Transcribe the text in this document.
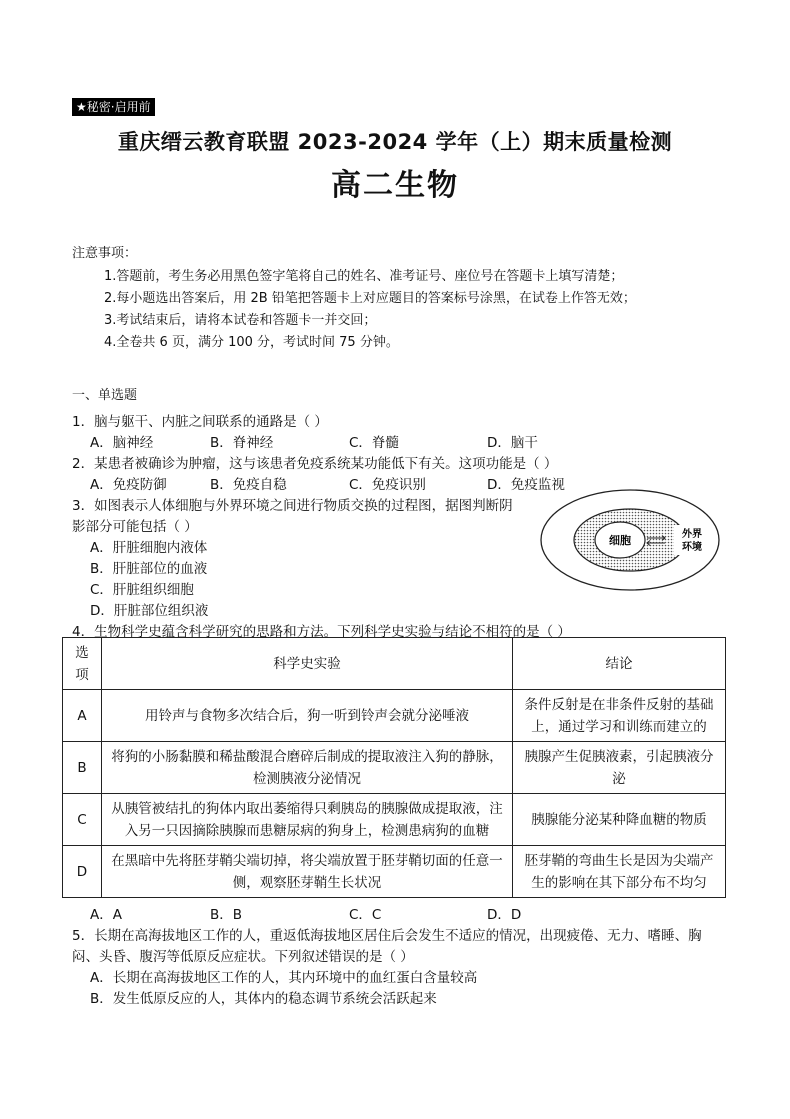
★秘密·启用前
重庆缙云教育联盟 2023-2024 学年（上）期末质量检测
高二生物
注意事项：
1.答题前，考生务必用黑色签字笔将自己的姓名、准考证号、座位号在答题卡上填写清楚；
2.每小题选出答案后，用 2B 铅笔把答题卡上对应题目的答案标号涂黑，在试卷上作答无效；
3.考试结束后，请将本试卷和答题卡一并交回；
4.全卷共 6 页，满分 100 分，考试时间 75 分钟。
一、单选题
1．脑与躯干、内脏之间联系的通路是（ ）
A．脑神经	B．脊神经	C．脊髓	D．脑干
2．某患者被确诊为肿瘤，这与该患者免疫系统某功能低下有关。这项功能是（ ）
A．免疫防御	B．免疫自稳	C．免疫识别	D．免疫监视
3．如图表示人体细胞与外界环境之间进行物质交换的过程图，据图判断阴
影部分可能包括（ ）
A．肝脏细胞内液体
B．肝脏部位的血液
C．肝脏组织细胞
D．肝脏部位组织液
细胞	外界
环境
4．生物科学史蕴含科学研究的思路和方法。下列科学史实验与结论不相符的是（ ）
选项	科学史实验	结论
A	用铃声与食物多次结合后，狗一听到铃声会就分泌唾液	条件反射是在非条件反射的基础上，通过学习和训练而建立的
B	将狗的小肠黏膜和稀盐酸混合磨碎后制成的提取液注入狗的静脉，检测胰液分泌情况	胰腺产生促胰液素，引起胰液分泌
C	从胰管被结扎的狗体内取出萎缩得只剩胰岛的胰腺做成提取液，注入另一只因摘除胰腺而患糖尿病的狗身上，检测患病狗的血糖	胰腺能分泌某种降血糖的物质
D	在黑暗中先将胚芽鞘尖端切掉，将尖端放置于胚芽鞘切面的任意一侧，观察胚芽鞘生长状况	胚芽鞘的弯曲生长是因为尖端产生的影响在其下部分布不均匀
A．A	B．B	C．C	D．D
5．长期在高海拔地区工作的人，重返低海拔地区居住后会发生不适应的情况，出现疲倦、无力、嗜睡、胸
闷、头昏、腹泻等低原反应症状。下列叙述错误的是（ ）
A．长期在高海拔地区工作的人，其内环境中的血红蛋白含量较高
B．发生低原反应的人，其体内的稳态调节系统会活跃起来
